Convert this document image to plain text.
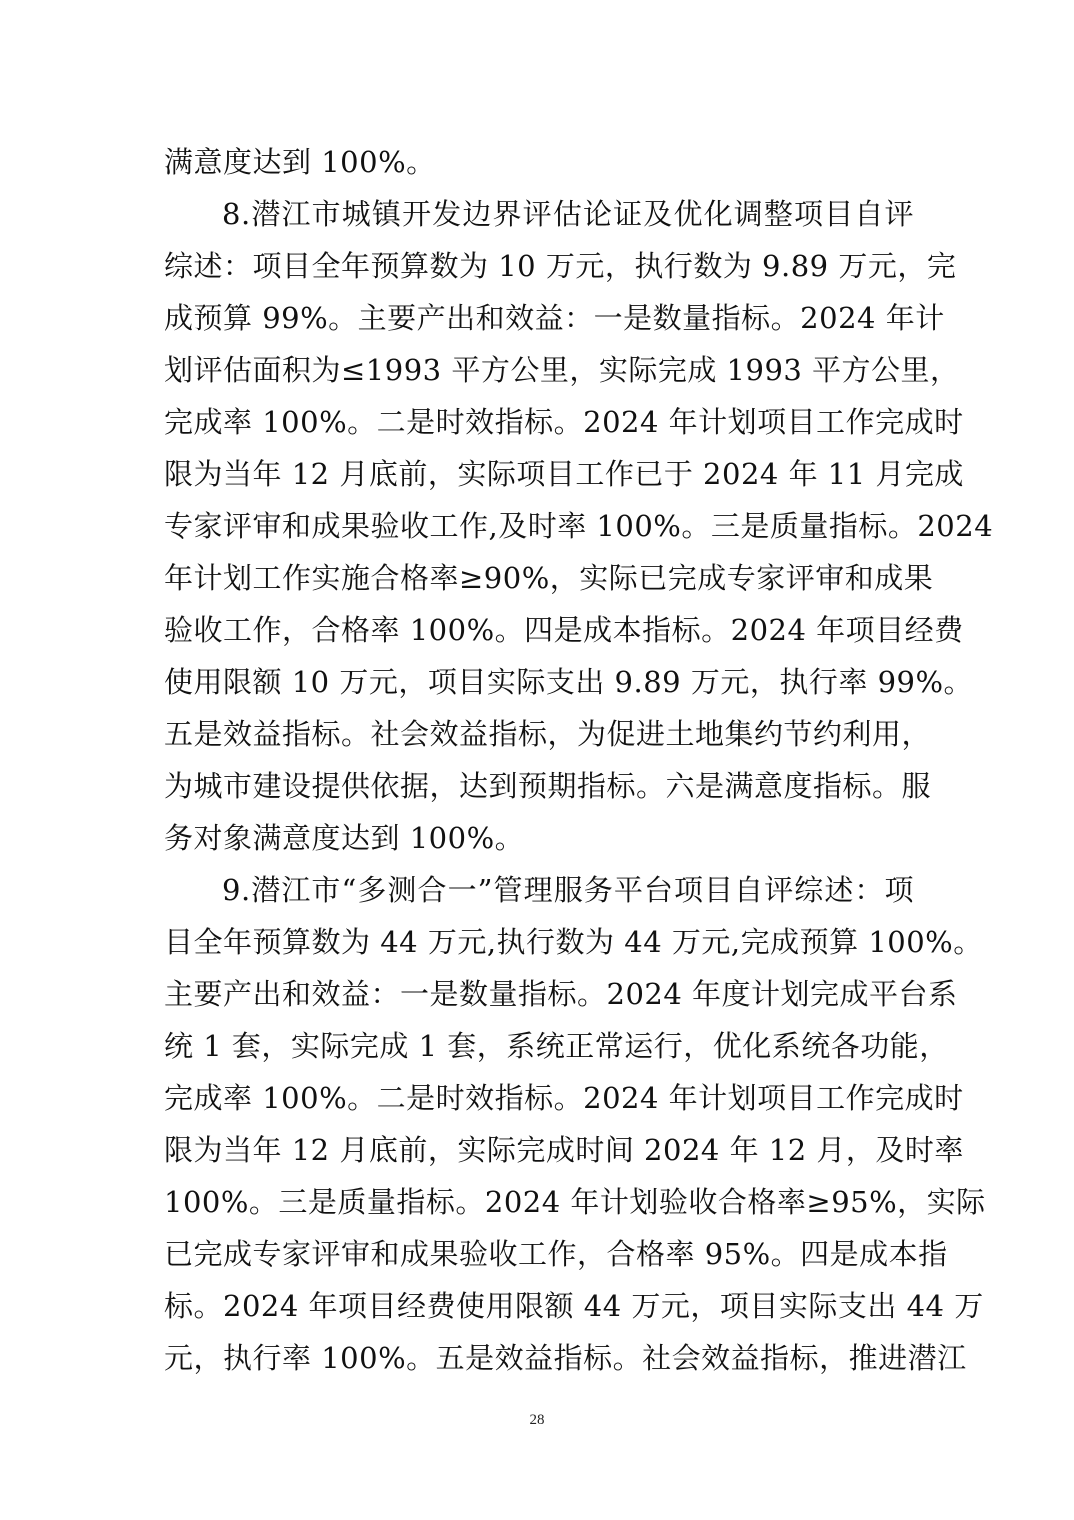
满意度达到 100%。
8.潜江市城镇开发边界评估论证及优化调整项目自评
综述：项目全年预算数为 10 万元，执行数为 9.89 万元，完
成预算 99%。主要产出和效益：一是数量指标。2024 年计
划评估面积为≤1993 平方公里，实际完成 1993 平方公里，
完成率 100%。二是时效指标。2024 年计划项目工作完成时
限为当年 12 月底前，实际项目工作已于 2024 年 11 月完成
专家评审和成果验收工作,及时率 100%。三是质量指标。2024
年计划工作实施合格率≥90%，实际已完成专家评审和成果
验收工作，合格率 100%。四是成本指标。2024 年项目经费
使用限额 10 万元，项目实际支出 9.89 万元，执行率 99%。
五是效益指标。社会效益指标，为促进土地集约节约利用，
为城市建设提供依据，达到预期指标。六是满意度指标。服
务对象满意度达到 100%。
9.潜江市“多测合一”管理服务平台项目自评综述：项
目全年预算数为 44 万元,执行数为 44 万元,完成预算 100%。
主要产出和效益：一是数量指标。2024 年度计划完成平台系
统 1 套，实际完成 1 套，系统正常运行，优化系统各功能，
完成率 100%。二是时效指标。2024 年计划项目工作完成时
限为当年 12 月底前，实际完成时间 2024 年 12 月，及时率
100%。三是质量指标。2024 年计划验收合格率≥95%，实际
已完成专家评审和成果验收工作，合格率 95%。四是成本指
标。2024 年项目经费使用限额 44 万元，项目实际支出 44 万
元，执行率 100%。五是效益指标。社会效益指标，推进潜江
28
